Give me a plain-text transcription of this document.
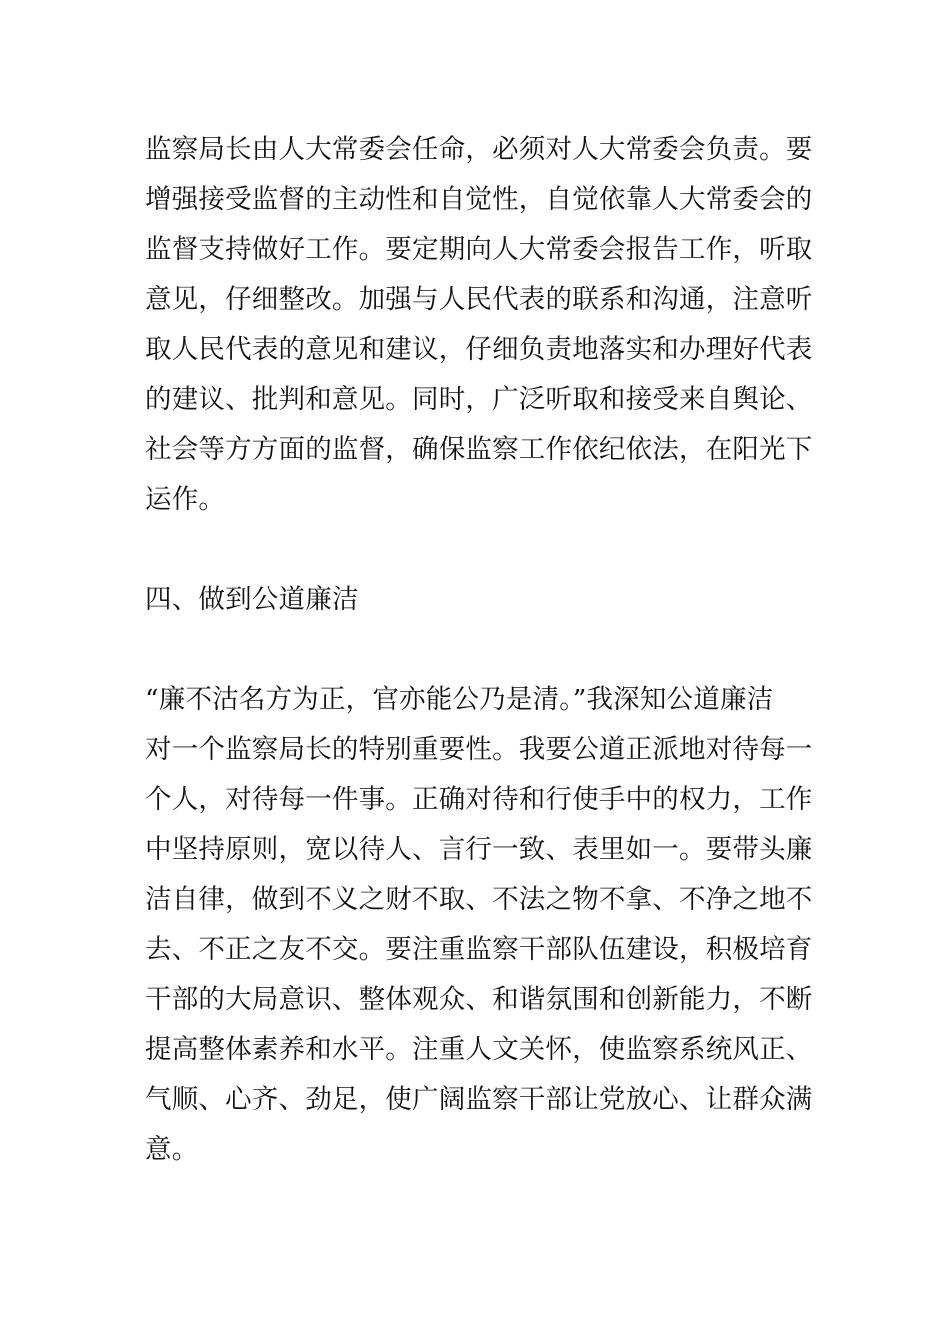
监察局长由人大常委会任命，必须对人大常委会负责。要
增强接受监督的主动性和自觉性，自觉依靠人大常委会的
监督支持做好工作。要定期向人大常委会报告工作，听取
意见，仔细整改。加强与人民代表的联系和沟通，注意听
取人民代表的意见和建议，仔细负责地落实和办理好代表
的建议、批判和意见。同时，广泛听取和接受来自舆论、
社会等方方面的监督，确保监察工作依纪依法，在阳光下
运作。
四、做到公道廉洁
“廉不沽名方为正，官亦能公乃是清。”我深知公道廉洁
对一个监察局长的特别重要性。我要公道正派地对待每一
个人，对待每一件事。正确对待和行使手中的权力，工作
中坚持原则，宽以待人、言行一致、表里如一。要带头廉
洁自律，做到不义之财不取、不法之物不拿、不净之地不
去、不正之友不交。要注重监察干部队伍建设，积极培育
干部的大局意识、整体观众、和谐氛围和创新能力，不断
提高整体素养和水平。注重人文关怀，使监察系统风正、
气顺、心齐、劲足，使广阔监察干部让党放心、让群众满
意。
